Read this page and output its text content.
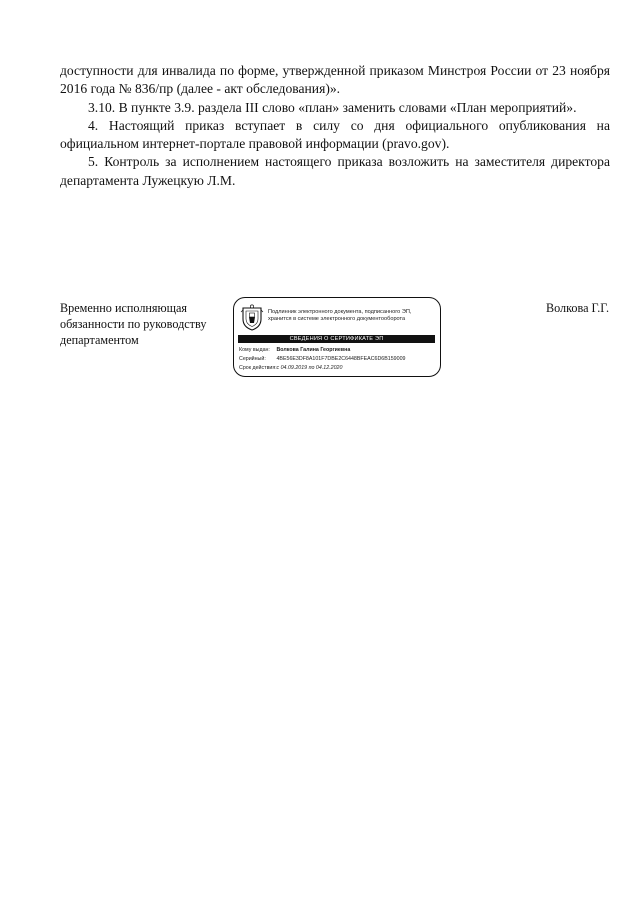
доступности для инвалида по форме, утвержденной приказом Минстроя России от 23 ноября 2016 года № 836/пр (далее - акт обследования)».

3.10. В пункте 3.9. раздела III слово «план» заменить словами «План мероприятий».

4. Настоящий приказ вступает в силу со дня официального опубликования на официальном интернет-портале правовой информации (pravo.gov).

5. Контроль за исполнением настоящего приказа возложить на заместителя директора департамента Лужецкую Л.М.

Временно исполняющая
обязанности по руководству
департаментом
Подлинник электронного документа, подписанного ЭП,
хранится в системе электронного документооборота
СВЕДЕНИЯ О СЕРТИФИКАТЕ ЭП
Кому выдан: Волкова Галина Георгиевна
Серийный: 4BE56E3DF8A101F7DBE2C6448BFEAC6D6B159009
Срок действия: с 04.09.2019 по 04.12.2020
Волкова Г.Г.
